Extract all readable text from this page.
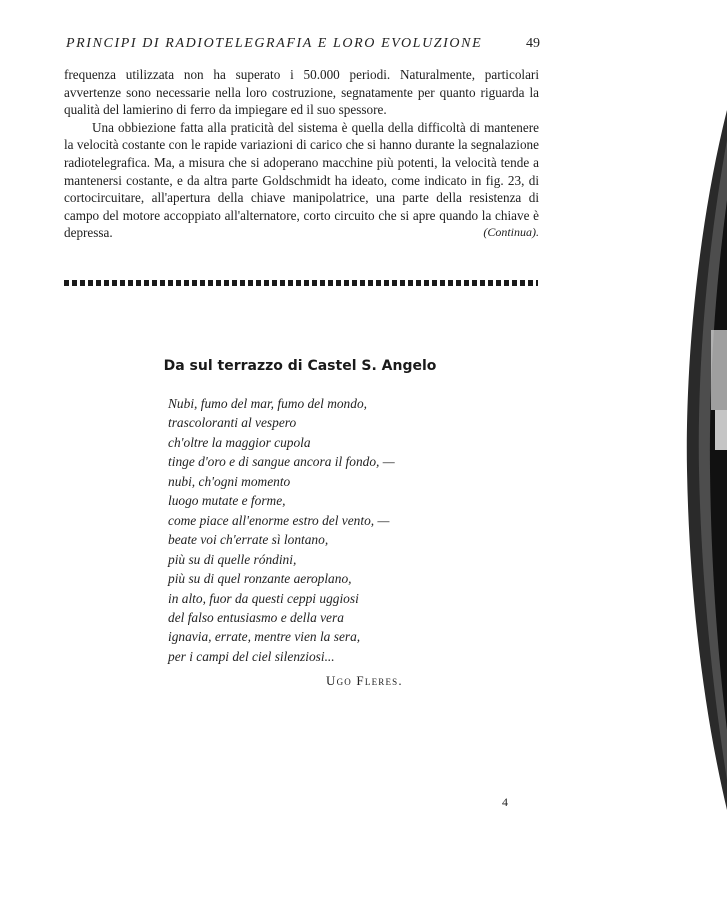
PRINCIPI DI RADIOTELEGRAFIA E LORO EVOLUZIONE	49

frequenza utilizzata non ha superato i 50.000 periodi. Naturalmente, particolari avvertenze sono necessarie nella loro costruzione, segnatamente per quanto riguarda la qualità del lamierino di ferro da impiegare ed il suo spessore.

Una obbiezione fatta alla praticità del sistema è quella della difficoltà di mantenere la velocità costante con le rapide variazioni di carico che si hanno durante la segnalazione radiotelegrafica. Ma, a misura che si adoperano macchine più potenti, la velocità tende a mantenersi costante, e da altra parte Goldschmidt ha ideato, come indicato in fig. 23, di cortocircuitare, all'apertura della chiave manipolatrice, una parte della resistenza di campo del motore accoppiato all'alternatore, corto circuito che si apre quando la chiave è depressa.	(Continua).

Da sul terrazzo di Castel S. Angelo
Nubi, fumo del mar, fumo del mondo,
trascoloranti al vespero
ch'oltre la maggior cupola
tinge d'oro e di sangue ancora il fondo, —
nubi, ch'ogni momento
luogo mutate e forme,
come piace all'enorme estro del vento, —
beate voi ch'errate sì lontano,
più su di quelle róndini,
più su di quel ronzante aeroplano,
in alto, fuor da questi ceppi uggiosi
del falso entusiasmo e della vera
ignavia, errate, mentre vien la sera,
per i campi del ciel silenziosi...
Ugo Fleres.
4
